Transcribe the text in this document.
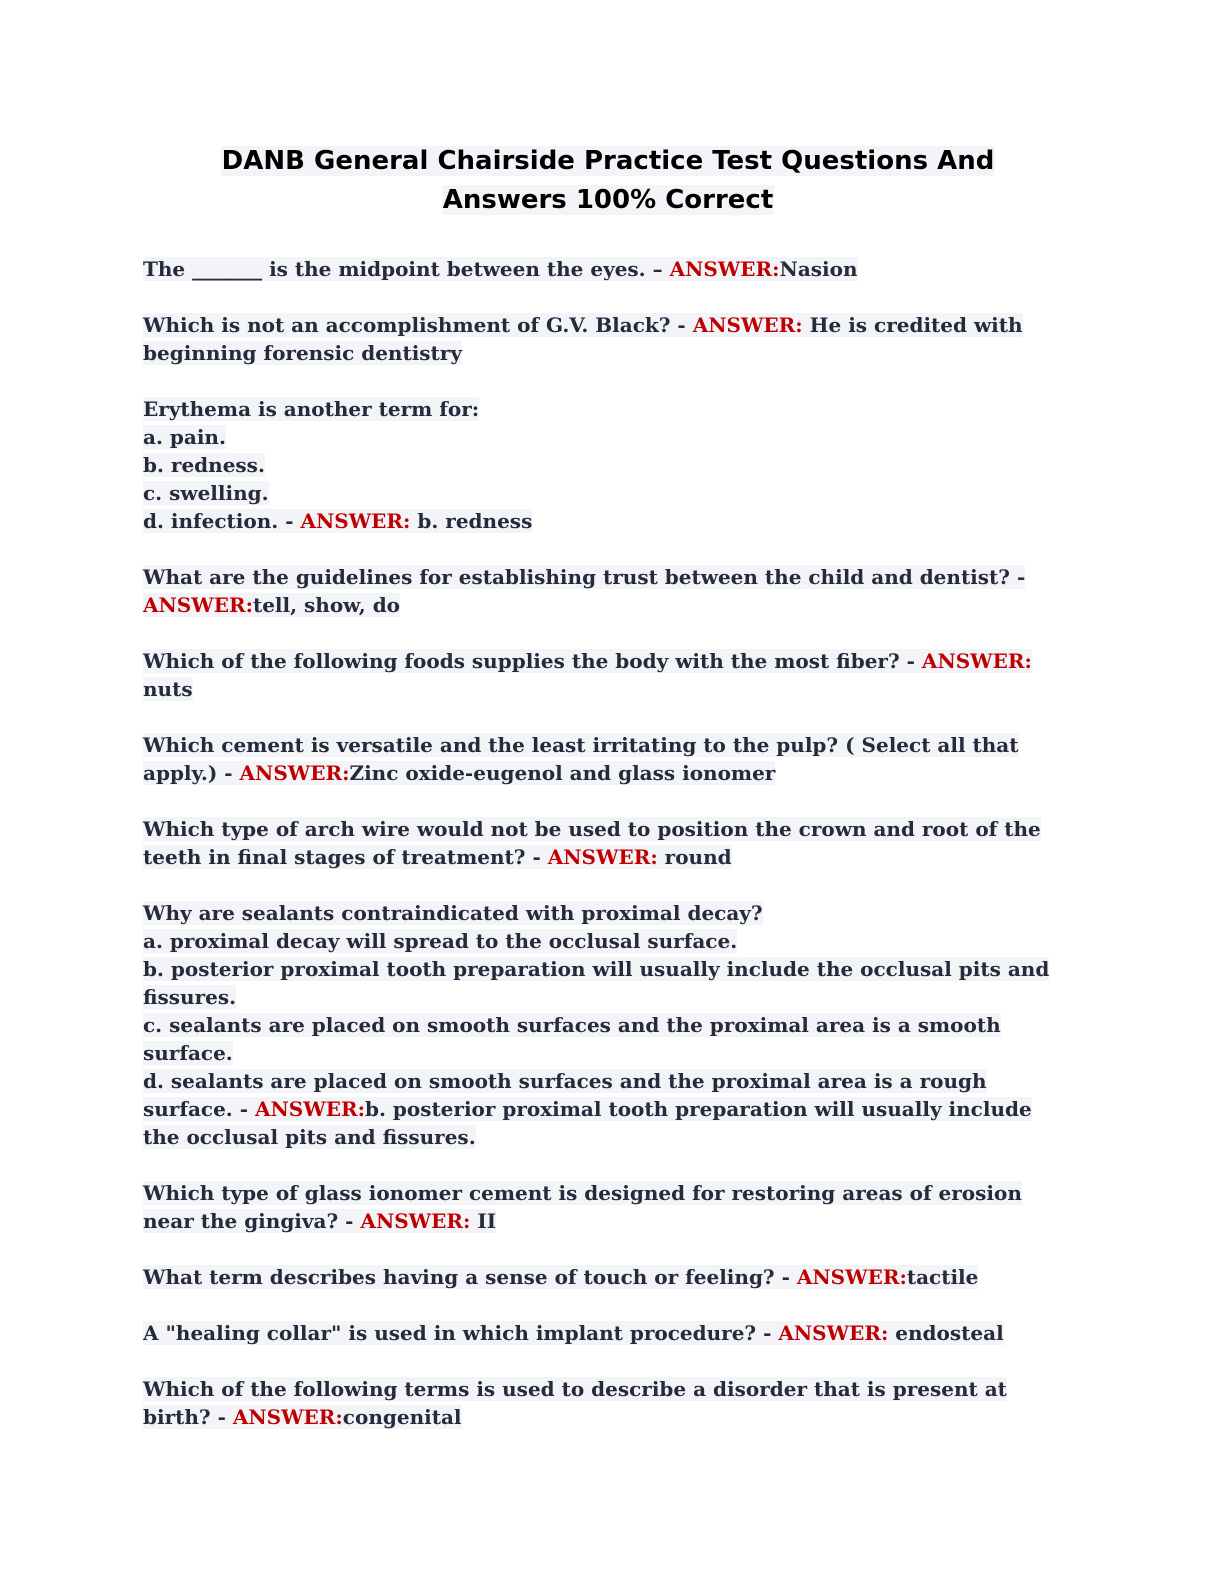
DANB General Chairside Practice Test Questions And
Answers 100% Correct

The _______ is the midpoint between the eyes. – ANSWER:Nasion

Which is not an accomplishment of G.V. Black? - ANSWER: He is credited with beginning forensic dentistry

Erythema is another term for:
a. pain.
b. redness.
c. swelling.
d. infection. - ANSWER: b. redness

What are the guidelines for establishing trust between the child and dentist? - ANSWER:tell, show, do

Which of the following foods supplies the body with the most fiber? - ANSWER: nuts

Which cement is versatile and the least irritating to the pulp? ( Select all that apply.) - ANSWER:Zinc oxide-eugenol and glass ionomer

Which type of arch wire would not be used to position the crown and root of the teeth in final stages of treatment? - ANSWER: round

Why are sealants contraindicated with proximal decay?
a. proximal decay will spread to the occlusal surface.
b. posterior proximal tooth preparation will usually include the occlusal pits and fissures.
c. sealants are placed on smooth surfaces and the proximal area is a smooth surface.
d. sealants are placed on smooth surfaces and the proximal area is a rough surface. - ANSWER:b. posterior proximal tooth preparation will usually include the occlusal pits and fissures.

Which type of glass ionomer cement is designed for restoring areas of erosion near the gingiva? - ANSWER: II

What term describes having a sense of touch or feeling? - ANSWER:tactile

A "healing collar" is used in which implant procedure? - ANSWER: endosteal

Which of the following terms is used to describe a disorder that is present at birth? - ANSWER:congenital
